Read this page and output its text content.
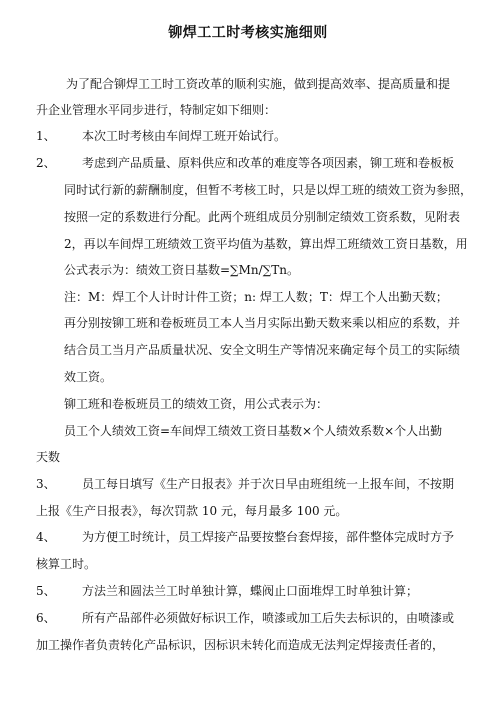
铆焊工工时考核实施细则
为了配合铆焊工工时工资改革的顺利实施，做到提高效率、提高质量和提
升企业管理水平同步进行，特制定如下细则：
1、 本次工时考核由车间焊工班开始试行。
2、 考虑到产品质量、原料供应和改革的难度等各项因素，铆工班和卷板板
同时试行新的薪酬制度，但暂不考核工时，只是以焊工班的绩效工资为参照，
按照一定的系数进行分配。此两个班组成员分别制定绩效工资系数，见附表
2，再以车间焊工班绩效工资平均值为基数，算出焊工班绩效工资日基数，用
公式表示为：绩效工资日基数=∑Mn/∑Tn。
注：M：焊工个人计时计件工资；n: 焊工人数；T：焊工个人出勤天数；
再分别按铆工班和卷板班员工本人当月实际出勤天数来乘以相应的系数，并
结合员工当月产品质量状况、安全文明生产等情况来确定每个员工的实际绩
效工资。
铆工班和卷板班员工的绩效工资，用公式表示为：
员工个人绩效工资=车间焊工绩效工资日基数×个人绩效系数×个人出勤
天数
3、 员工每日填写《生产日报表》并于次日早由班组统一上报车间，不按期
上报《生产日报表》，每次罚款 10 元，每月最多 100 元。
4、 为方便工时统计，员工焊接产品要按整台套焊接，部件整体完成时方予
核算工时。
5、 方法兰和圆法兰工时单独计算，蝶阀止口面堆焊工时单独计算；
6、 所有产品部件必须做好标识工作，喷漆或加工后失去标识的，由喷漆或
加工操作者负责转化产品标识，因标识未转化而造成无法判定焊接责任者的，
